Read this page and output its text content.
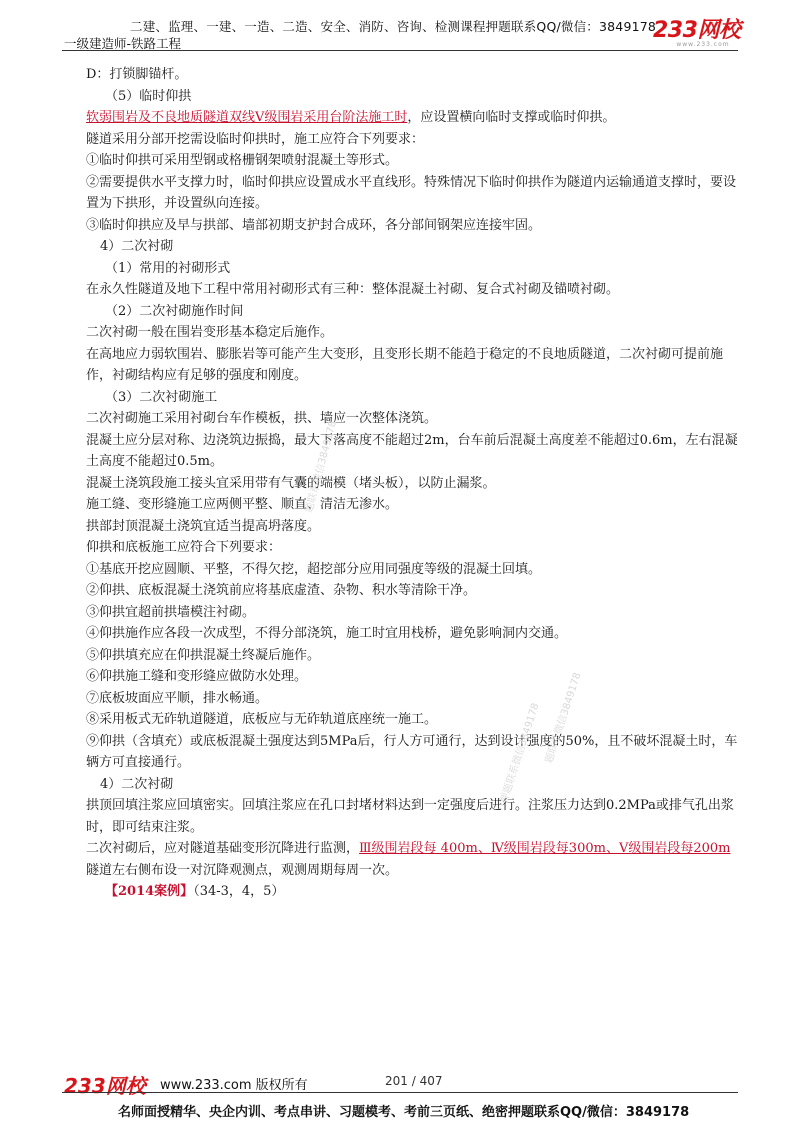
二建、监理、一建、一造、二造、安全、消防、咨询、检测课程押题联系QQ/微信：3849178
一级建造师-铁路工程
233网校
www.233.com

D：打锁脚锚杆。

（5）临时仰拱

软弱围岩及不良地质隧道双线V级围岩采用台阶法施工时，应设置横向临时支撑或临时仰拱。

隧道采用分部开挖需设临时仰拱时，施工应符合下列要求：

①临时仰拱可采用型钢或格栅钢架喷射混凝土等形式。

②需要提供水平支撑力时，临时仰拱应设置成水平直线形。特殊情况下临时仰拱作为隧道内运输通道支撑时，要设置为下拱形，并设置纵向连接。

③临时仰拱应及早与拱部、墙部初期支护封合成环，各分部间钢架应连接牢固。

4）二次衬砌

（1）常用的衬砌形式

在永久性隧道及地下工程中常用衬砌形式有三种：整体混凝土衬砌、复合式衬砌及锚喷衬砌。

（2）二次衬砌施作时间

二次衬砌一般在围岩变形基本稳定后施作。

在高地应力弱软围岩、膨胀岩等可能产生大变形，且变形长期不能趋于稳定的不良地质隧道，二次衬砌可提前施作，衬砌结构应有足够的强度和刚度。

（3）二次衬砌施工

二次衬砌施工采用衬砌台车作模板，拱、墙应一次整体浇筑。

混凝土应分层对称、边浇筑边振捣，最大下落高度不能超过2m，台车前后混凝土高度差不能超过0.6m，左右混凝土高度不能超过0.5m。

混凝土浇筑段施工接头宜采用带有气囊的端模（堵头板），以防止漏浆。

施工缝、变形缝施工应两侧平整、顺直、清洁无渗水。

拱部封顶混凝土浇筑宜适当提高坍落度。

仰拱和底板施工应符合下列要求：

①基底开挖应圆顺、平整，不得欠挖，超挖部分应用同强度等级的混凝土回填。

②仰拱、底板混凝土浇筑前应将基底虚渣、杂物、积水等清除干净。

③仰拱宜超前拱墙模注衬砌。

④仰拱施作应各段一次成型，不得分部浇筑，施工时宜用栈桥，避免影响洞内交通。

⑤仰拱填充应在仰拱混凝土终凝后施作。

⑥仰拱施工缝和变形缝应做防水处理。

⑦底板坡面应平顺，排水畅通。

⑧采用板式无砟轨道隧道，底板应与无砟轨道底座统一施工。

⑨仰拱（含填充）或底板混凝土强度达到5MPa后，行人方可通行，达到设计强度的50%，且不破坏混凝土时，车辆方可直接通行。

4）二次衬砌

拱顶回填注浆应回填密实。回填注浆应在孔口封堵材料达到一定强度后进行。注浆压力达到0.2MPa或排气孔出浆时，即可结束注浆。

二次衬砌后，应对隧道基础变形沉降进行监测，Ⅲ级围岩段每 400m、Ⅳ级围岩段每300m、V级围岩段每200m隧道左右侧布设一对沉降观测点，观测周期每周一次。

【2014案例】（34-3，4，5）

题联系微信3849178
题联系微信3849178
押题联系微信3849178
233网校 www.233.com 版权所有	201 / 407
名师面授精华、央企内训、考点串讲、习题模考、考前三页纸、绝密押题联系QQ/微信：3849178
